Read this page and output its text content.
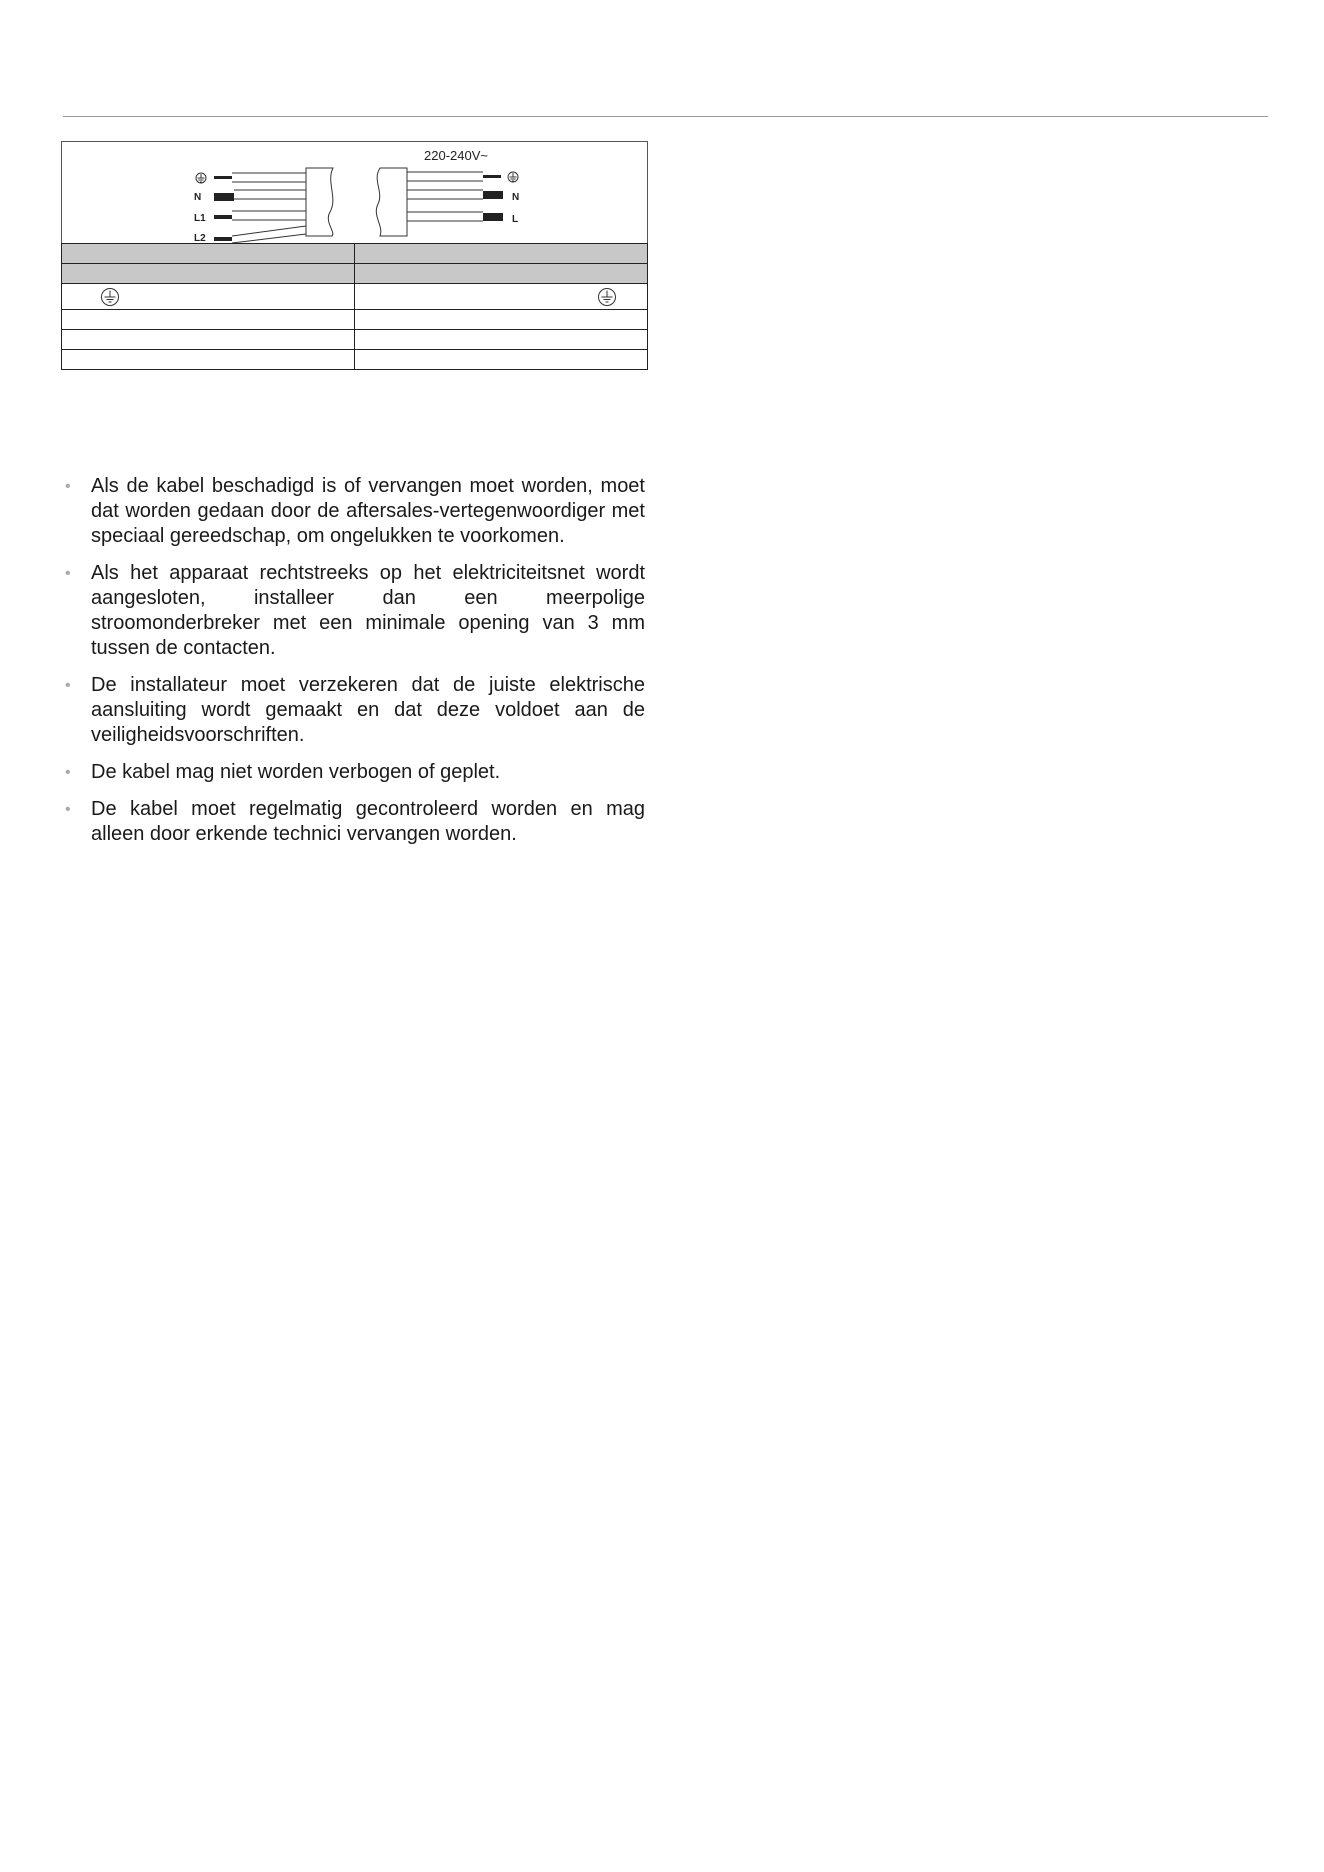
N
L1
L2
220-240V~
N
L

• Als de kabel beschadigd is of vervangen moet worden, moet dat worden gedaan door de aftersales-vertegenwoordiger met speciaal gereedschap, om ongelukken te voorkomen.
• Als het apparaat rechtstreeks op het elektriciteitsnet wordt aangesloten, installeer dan een meerpolige stroomonderbreker met een minimale opening van 3 mm tussen de contacten.
• De installateur moet verzekeren dat de juiste elektrische aansluiting wordt gemaakt en dat deze voldoet aan de veiligheidsvoorschriften.
• De kabel mag niet worden verbogen of geplet.
• De kabel moet regelmatig gecontroleerd worden en mag alleen door erkende technici vervangen worden.
